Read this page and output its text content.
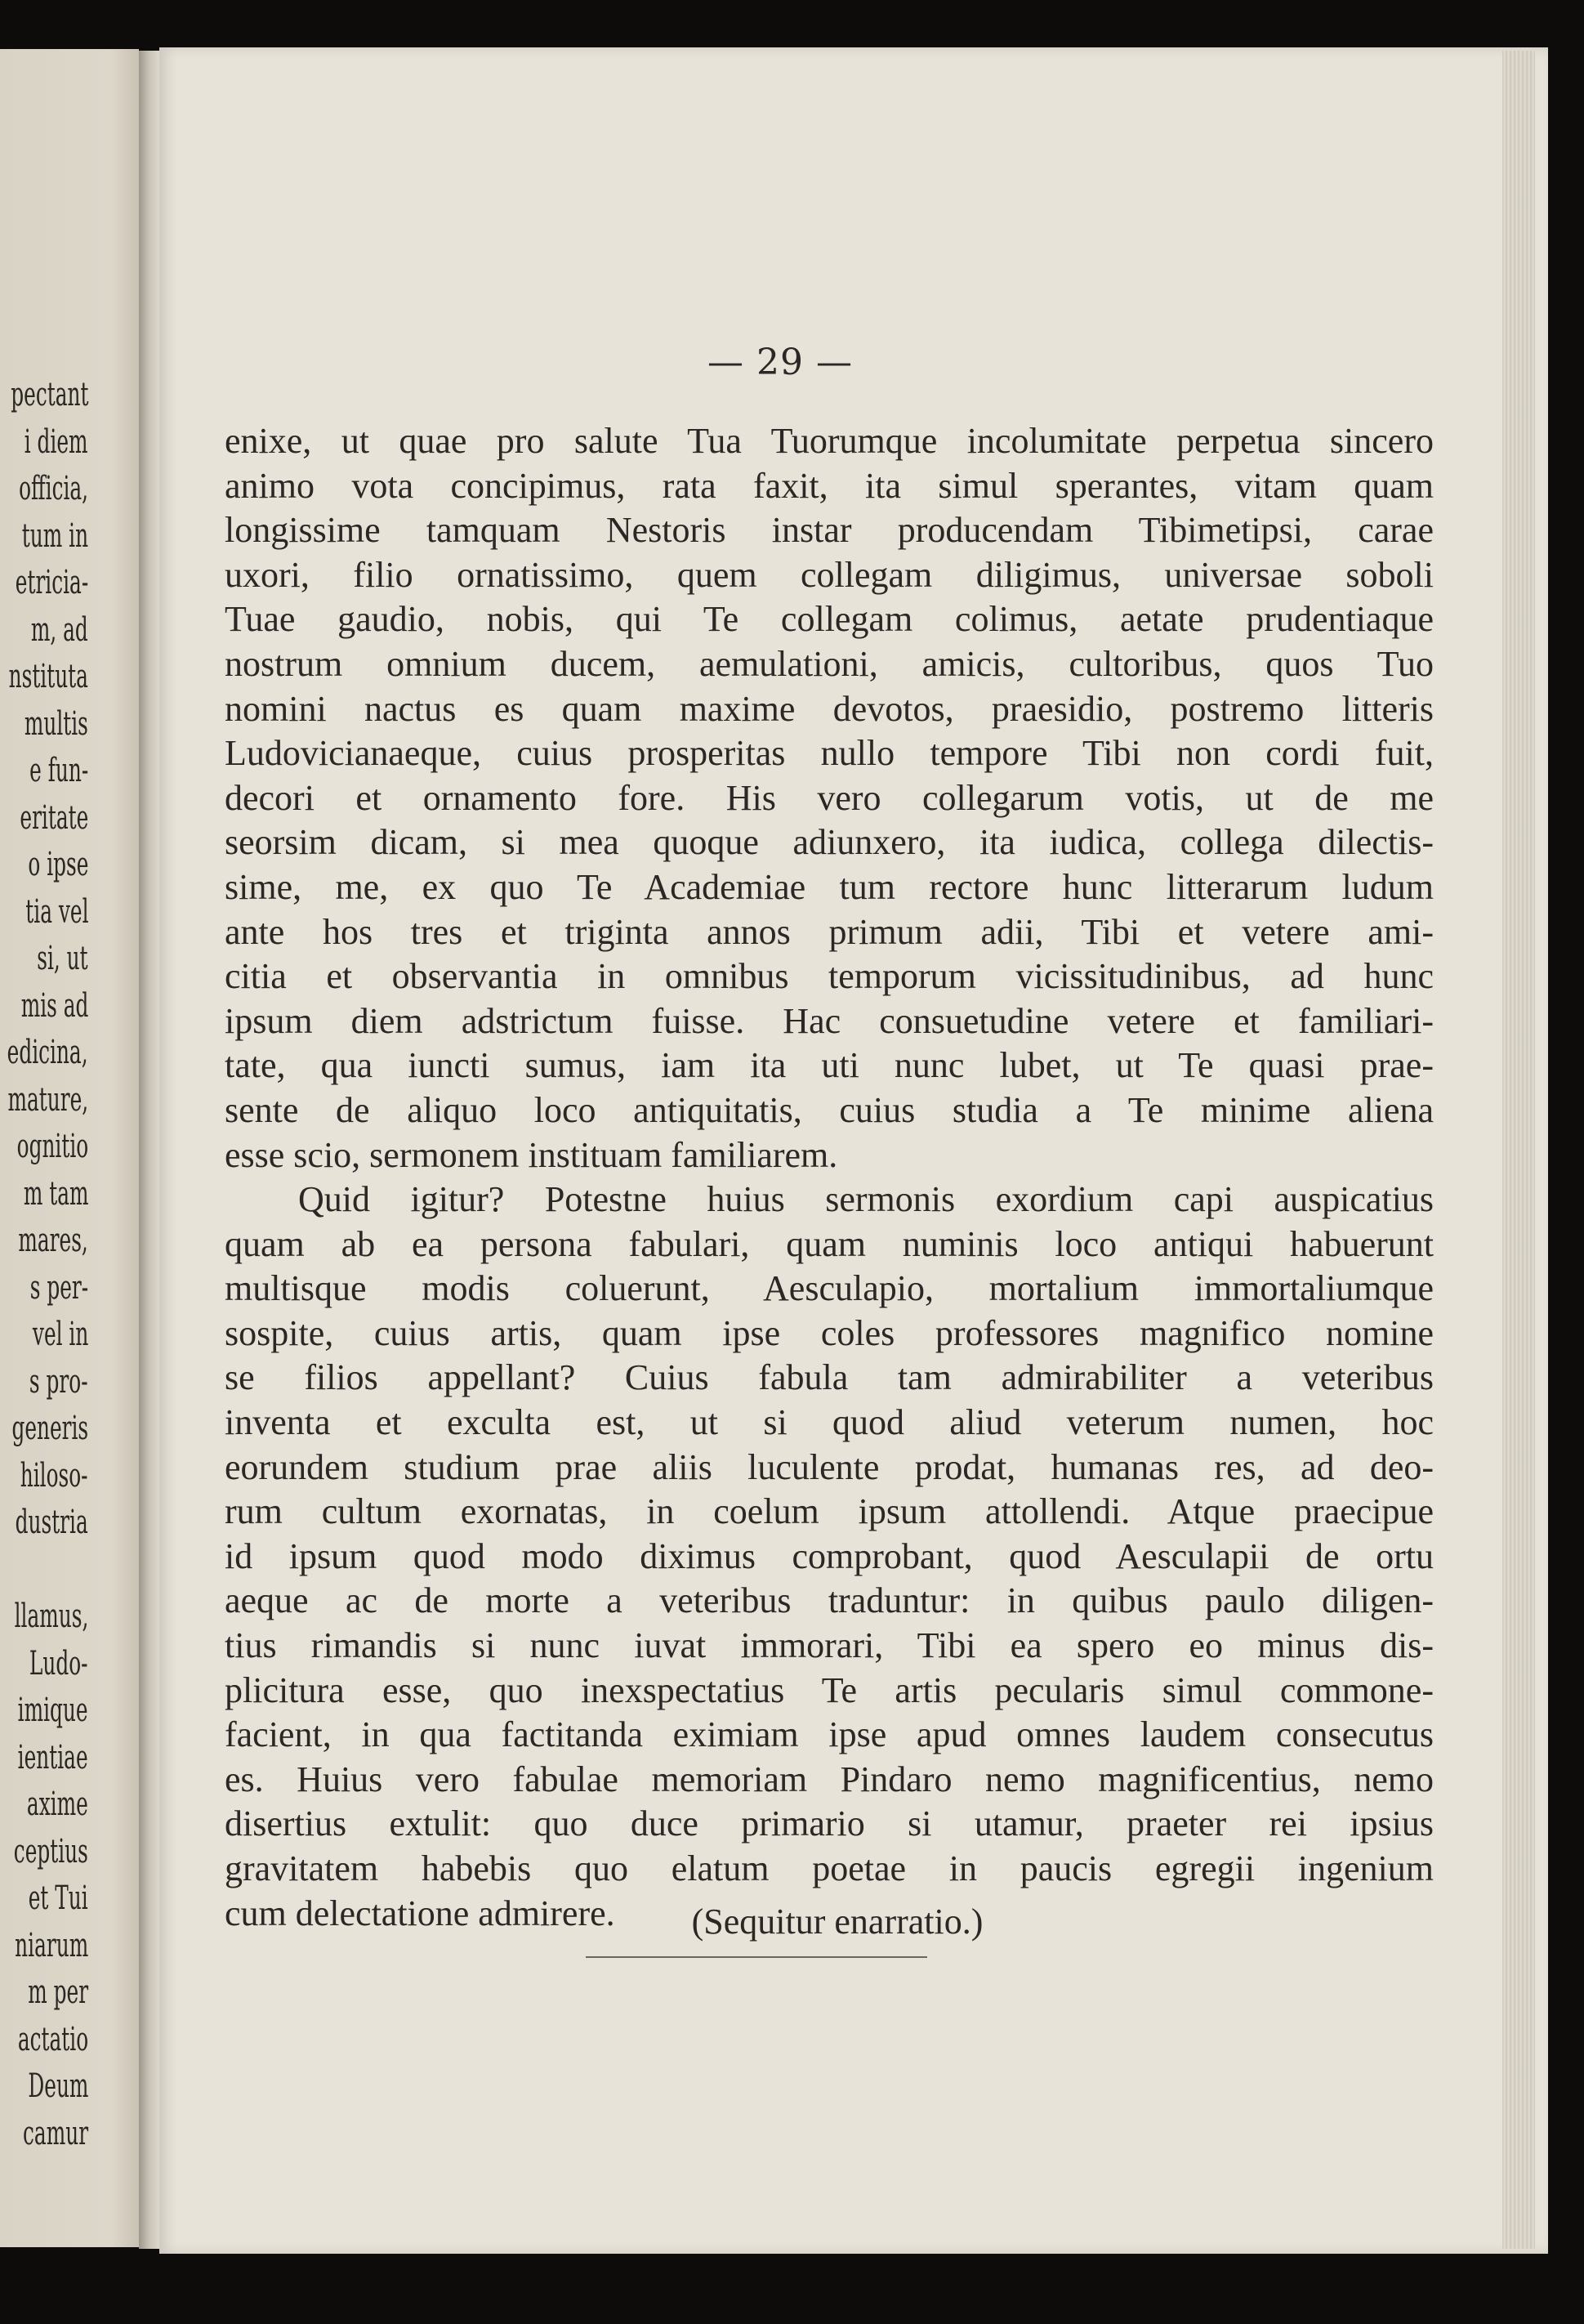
pectant
i diem
officia,
tum in
etricia-
m, ad
nstituta
multis
e fun-
eritate
o ipse
tia vel
si, ut
mis ad
edicina,
mature,
ognitio
m tam
mares,
s per-
vel in
s pro-
generis
hiloso-
dustria
llamus,
Ludo-
imique
ientiae
axime
ceptius
et Tui
niarum
m per
actatio
Deum
camur
— 29 —
enixe, ut quae pro salute Tua Tuorumque incolumitate perpetua sincero
animo vota concipimus, rata faxit, ita simul sperantes, vitam quam
longissime tamquam Nestoris instar producendam Tibimetipsi, carae
uxori, filio ornatissimo, quem collegam diligimus, universae soboli
Tuae gaudio, nobis, qui Te collegam colimus, aetate prudentiaque
nostrum omnium ducem, aemulationi, amicis, cultoribus, quos Tuo
nomini nactus es quam maxime devotos, praesidio, postremo litteris
Ludovicianaeque, cuius prosperitas nullo tempore Tibi non cordi fuit,
decori et ornamento fore. His vero collegarum votis, ut de me
seorsim dicam, si mea quoque adiunxero, ita iudica, collega dilectis-
sime, me, ex quo Te Academiae tum rectore hunc litterarum ludum
ante hos tres et triginta annos primum adii, Tibi et vetere ami-
citia et observantia in omnibus temporum vicissitudinibus, ad hunc
ipsum diem adstrictum fuisse. Hac consuetudine vetere et familiari-
tate, qua iuncti sumus, iam ita uti nunc lubet, ut Te quasi prae-
sente de aliquo loco antiquitatis, cuius studia a Te minime aliena
esse scio, sermonem instituam familiarem.
Quid igitur? Potestne huius sermonis exordium capi auspicatius
quam ab ea persona fabulari, quam numinis loco antiqui habuerunt
multisque modis coluerunt, Aesculapio, mortalium immortaliumque
sospite, cuius artis, quam ipse coles professores magnifico nomine
se filios appellant? Cuius fabula tam admirabiliter a veteribus
inventa et exculta est, ut si quod aliud veterum numen, hoc
eorundem studium prae aliis luculente prodat, humanas res, ad deo-
rum cultum exornatas, in coelum ipsum attollendi. Atque praecipue
id ipsum quod modo diximus comprobant, quod Aesculapii de ortu
aeque ac de morte a veteribus traduntur: in quibus paulo diligen-
tius rimandis si nunc iuvat immorari, Tibi ea spero eo minus dis-
plicitura esse, quo inexspectatius Te artis pecularis simul commone-
facient, in qua factitanda eximiam ipse apud omnes laudem consecutus
es. Huius vero fabulae memoriam Pindaro nemo magnificentius, nemo
disertius extulit: quo duce primario si utamur, praeter rei ipsius
gravitatem habebis quo elatum poetae in paucis egregii ingenium
cum delectatione admirere.	(Sequitur enarratio.)
